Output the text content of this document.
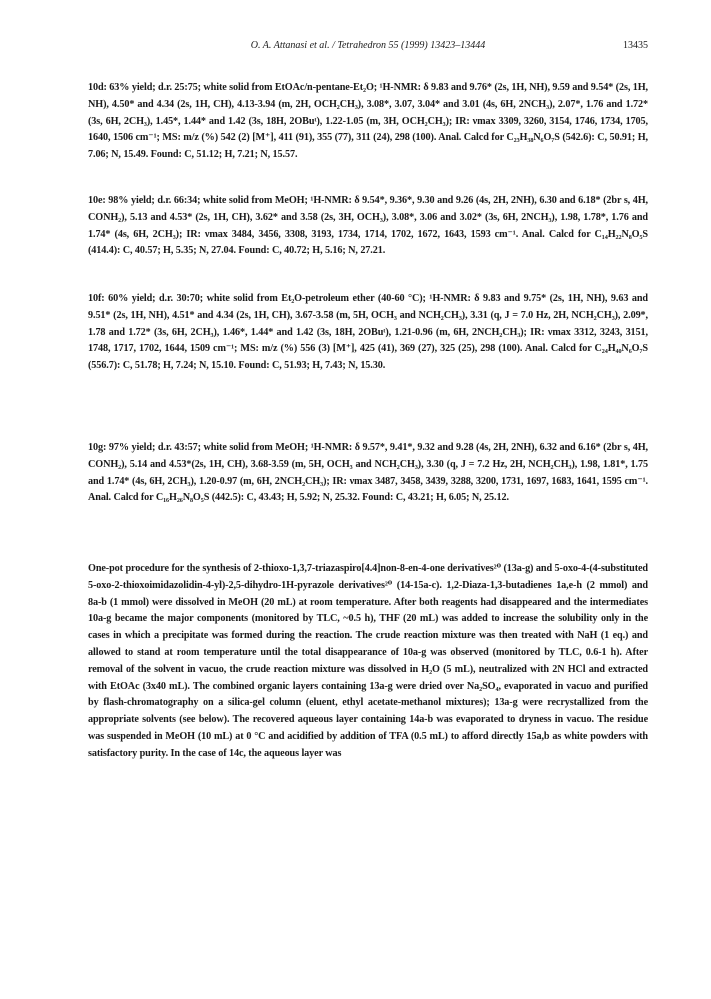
O. A. Attanasi et al. / Tetrahedron 55 (1999) 13423–13444	13435

10d: 63% yield; d.r. 25:75; white solid from EtOAc/n-pentane-Et₂O; ¹H-NMR: δ 9.83 and 9.76* (2s, 1H, NH), 9.59 and 9.54* (2s, 1H, NH), 4.50* and 4.34 (2s, 1H, CH), 4.13-3.94 (m, 2H, OCH₂CH₃), 3.08*, 3.07, 3.04* and 3.01 (4s, 6H, 2NCH₃), 2.07*, 1.76 and 1.72* (3s, 6H, 2CH₃), 1.45*, 1.44* and 1.42 (3s, 18H, 2OBuᵗ), 1.22-1.05 (m, 3H, OCH₂CH₃); IR: νmax 3309, 3260, 3154, 1746, 1734, 1705, 1640, 1506 cm⁻¹; MS: m/z (%) 542 (2) [M⁺], 411 (91), 355 (77), 311 (24), 298 (100). Anal. Calcd for C₂₃H₃₈N₆O₇S (542.6): C, 50.91; H, 7.06; N, 15.49. Found: C, 51.12; H, 7.21; N, 15.57.

10e: 98% yield; d.r. 66:34; white solid from MeOH; ¹H-NMR: δ 9.54*, 9.36*, 9.30 and 9.26 (4s, 2H, 2NH), 6.30 and 6.18* (2br s, 4H, CONH₂), 5.13 and 4.53* (2s, 1H, CH), 3.62* and 3.58 (2s, 3H, OCH₃), 3.08*, 3.06 and 3.02* (3s, 6H, 2NCH₃), 1.98, 1.78*, 1.76 and 1.74* (4s, 6H, 2CH₃); IR: νmax 3484, 3456, 3308, 3193, 1734, 1714, 1702, 1672, 1643, 1593 cm⁻¹. Anal. Calcd for C₁₄H₂₂N₈O₅S (414.4): C, 40.57; H, 5.35; N, 27.04. Found: C, 40.72; H, 5.16; N, 27.21.

10f: 60% yield; d.r. 30:70; white solid from Et₂O-petroleum ether (40-60 °C); ¹H-NMR: δ 9.83 and 9.75* (2s, 1H, NH), 9.63 and 9.51* (2s, 1H, NH), 4.51* and 4.34 (2s, 1H, CH), 3.67-3.58 (m, 5H, OCH₃ and NCH₂CH₃), 3.31 (q, J = 7.0 Hz, 2H, NCH₂CH₃), 2.09*, 1.78 and 1.72* (3s, 6H, 2CH₃), 1.46*, 1.44* and 1.42 (3s, 18H, 2OBuᵗ), 1.21-0.96 (m, 6H, 2NCH₂CH₃); IR: νmax 3312, 3243, 3151, 1748, 1717, 1702, 1644, 1509 cm⁻¹; MS: m/z (%) 556 (3) [M⁺], 425 (41), 369 (27), 325 (25), 298 (100). Anal. Calcd for C₂₄H₄₀N₆O₇S (556.7): C, 51.78; H, 7.24; N, 15.10. Found: C, 51.93; H, 7.43; N, 15.30.

10g: 97% yield; d.r. 43:57; white solid from MeOH; ¹H-NMR: δ 9.57*, 9.41*, 9.32 and 9.28 (4s, 2H, 2NH), 6.32 and 6.16* (2br s, 4H, CONH₂), 5.14 and 4.53*(2s, 1H, CH), 3.68-3.59 (m, 5H, OCH₃ and NCH₂CH₃), 3.30 (q, J = 7.2 Hz, 2H, NCH₂CH₃), 1.98, 1.81*, 1.75 and 1.74* (4s, 6H, 2CH₃), 1.20-0.97 (m, 6H, 2NCH₂CH₃); IR: νmax 3487, 3458, 3439, 3288, 3200, 1731, 1697, 1683, 1641, 1595 cm⁻¹. Anal. Calcd for C₁₆H₂₆N₈O₅S (442.5): C, 43.43; H, 5.92; N, 25.32. Found: C, 43.21; H, 6.05; N, 25.12.

One-pot procedure for the synthesis of 2-thioxo-1,3,7-triazaspiro[4.4]non-8-en-4-one derivatives²⁰ (13a-g) and 5-oxo-4-(4-substituted 5-oxo-2-thioxoimidazolidin-4-yl)-2,5-dihydro-1H-pyrazole derivatives²⁰ (14-15a-c). 1,2-Diaza-1,3-butadienes 1a,e-h (2 mmol) and 8a-b (1 mmol) were dissolved in MeOH (20 mL) at room temperature. After both reagents had disappeared and the intermediates 10a-g became the major components (monitored by TLC, ~0.5 h), THF (20 mL) was added to increase the solubility only in the cases in which a precipitate was formed during the reaction. The crude reaction mixture was then treated with NaH (1 eq.) and allowed to stand at room temperature until the total disappearance of 10a-g was observed (monitored by TLC, 0.6-1 h). After removal of the solvent in vacuo, the crude reaction mixture was dissolved in H₂O (5 mL), neutralized with 2N HCl and extracted with EtOAc (3x40 mL). The combined organic layers containing 13a-g were dried over Na₂SO₄, evaporated in vacuo and purified by flash-chromatography on a silica-gel column (eluent, ethyl acetate-methanol mixtures); 13a-g were recrystallized from the appropriate solvents (see below). The recovered aqueous layer containing 14a-b was evaporated to dryness in vacuo. The residue was suspended in MeOH (10 mL) at 0 °C and acidified by addition of TFA (0.5 mL) to afford directly 15a,b as white powders with satisfactory purity. In the case of 14c, the aqueous layer was
